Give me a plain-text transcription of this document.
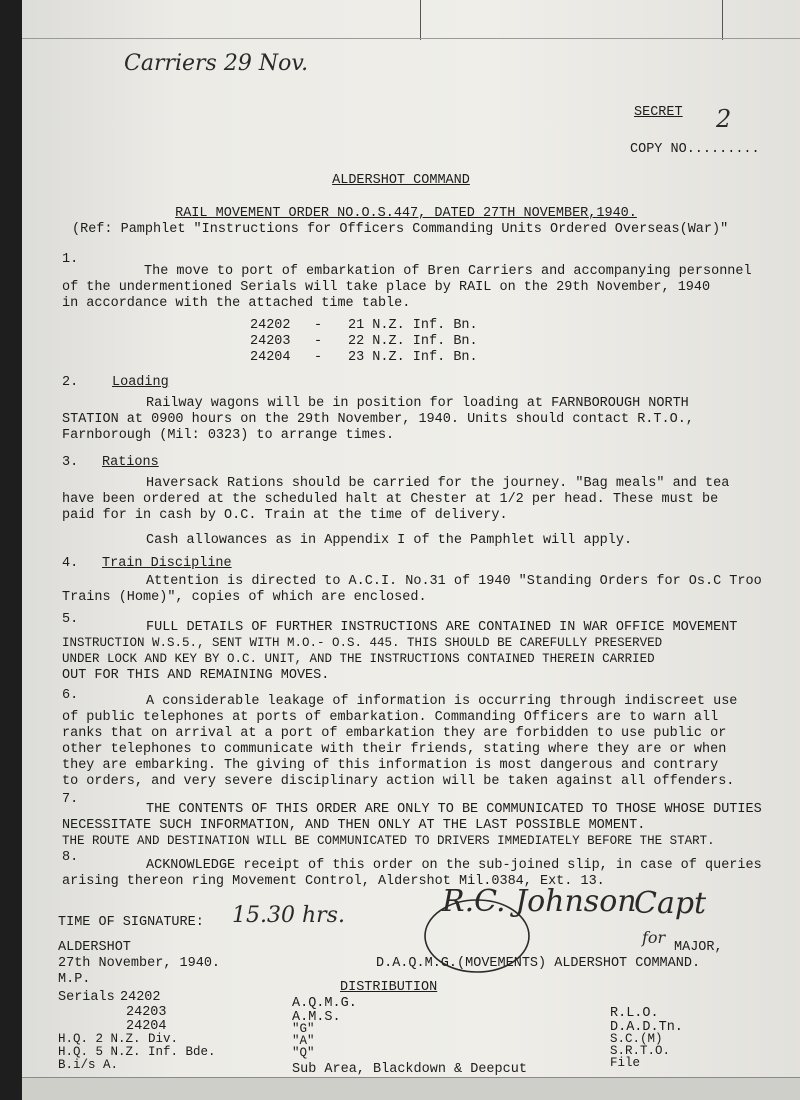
Carriers 29 Nov.
SECRET 2
COPY NO.........
ALDERSHOT COMMAND
RAIL MOVEMENT ORDER NO.O.S.447, DATED 27TH NOVEMBER,1940.
(Ref: Pamphlet "Instructions for Officers Commanding Units Ordered Overseas(War)"
1.
The move to port of embarkation of Bren Carriers and accompanying personnel
of the undermentioned Serials will take place by RAIL on the 29th November, 1940
in accordance with the attached time table.
24202 - 21 N.Z. Inf. Bn.
24203 - 22 N.Z. Inf. Bn.
24204 - 23 N.Z. Inf. Bn.
2.	Loading
Railway wagons will be in position for loading at FARNBOROUGH NORTH
STATION at 0900 hours on the 29th November, 1940. Units should contact R.T.O.,
Farnborough (Mil: 0323) to arrange times.
3. Rations
Haversack Rations should be carried for the journey. "Bag meals" and tea
have been ordered at the scheduled halt at Chester at 1/2 per head. These must be
paid for in cash by O.C. Train at the time of delivery.
Cash allowances as in Appendix I of the Pamphlet will apply.
4. Train Discipline
Attention is directed to A.C.I. No.31 of 1940 "Standing Orders for Os.C Troo
Trains (Home)", copies of which are enclosed.
5.
FULL DETAILS OF FURTHER INSTRUCTIONS ARE CONTAINED IN WAR OFFICE MOVEMENT
INSTRUCTION W.S.5., SENT WITH M.O.- O.S. 445. THIS SHOULD BE CAREFULLY PRESERVED
UNDER LOCK AND KEY BY O.C. UNIT, AND THE INSTRUCTIONS CONTAINED THEREIN CARRIED
OUT FOR THIS AND REMAINING MOVES.
6.	A considerable leakage of information is occurring through indiscreet use
of public telephones at ports of embarkation. Commanding Officers are to warn all
ranks that on arrival at a port of embarkation they are forbidden to use public or
other telephones to communicate with their friends, stating where they are or when
they are embarking. The giving of this information is most dangerous and contrary
to orders, and very severe disciplinary action will be taken against all offenders.
7.
THE CONTENTS OF THIS ORDER ARE ONLY TO BE COMMUNICATED TO THOSE WHOSE DUTIES
NECESSITATE SUCH INFORMATION, AND THEN ONLY AT THE LAST POSSIBLE MOMENT.
THE ROUTE AND DESTINATION WILL BE COMMUNICATED TO DRIVERS IMMEDIATELY BEFORE THE START.
8.
ACKNOWLEDGE receipt of this order on the sub-joined slip, in case of queries
arising thereon ring Movement Control, Aldershot Mil.0384, Ext. 13.
TIME OF SIGNATURE: 15.30 hrs.
ALDERSHOT
27th November, 1940.
M.P.
R.C. Johnson
Capt
for
MAJOR,
D.A.Q.M.G.(MOVEMENTS) ALDERSHOT COMMAND.
DISTRIBUTION
Serials 24202
24203
24204
H.Q. 2 N.Z. Div.
H.Q. 5 N.Z. Inf. Bde.
B.i/s A.
A.Q.M.G.
A.M.S.
"G"
"A"
"Q"
Sub Area, Blackdown & Deepcut
R.L.O.
D.A.D.Tn.
S.C.(M)
S.R.T.O.
File
